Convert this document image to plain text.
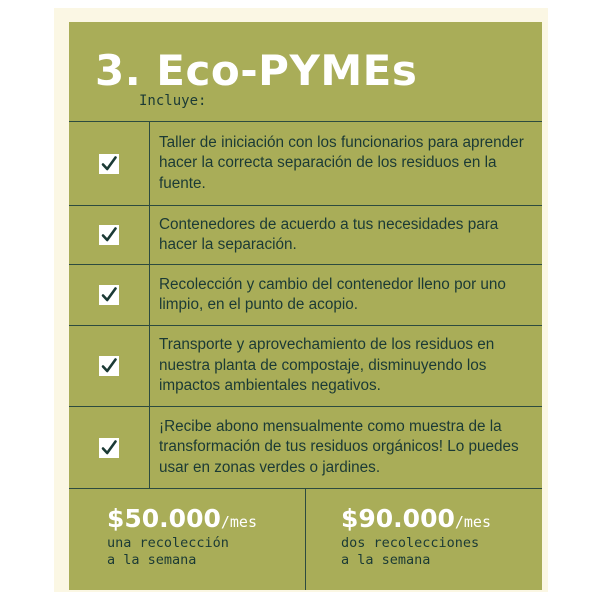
3. Eco-PYMEs
Incluye:
Taller de iniciación con los funcionarios para aprender hacer la correcta separación de los residuos en la fuente.
Contenedores de acuerdo a tus necesidades para hacer la separación.
Recolección y cambio del contenedor lleno por uno limpio, en el punto de acopio.
Transporte y aprovechamiento de los residuos en nuestra planta de compostaje, disminuyendo los impactos ambientales negativos.
¡Recibe abono mensualmente como muestra de la transformación de tus residuos orgánicos! Lo puedes usar en zonas verdes o jardines.
$50.000/mes
una recolección
a la semana
$90.000/mes
dos recolecciones
a la semana
